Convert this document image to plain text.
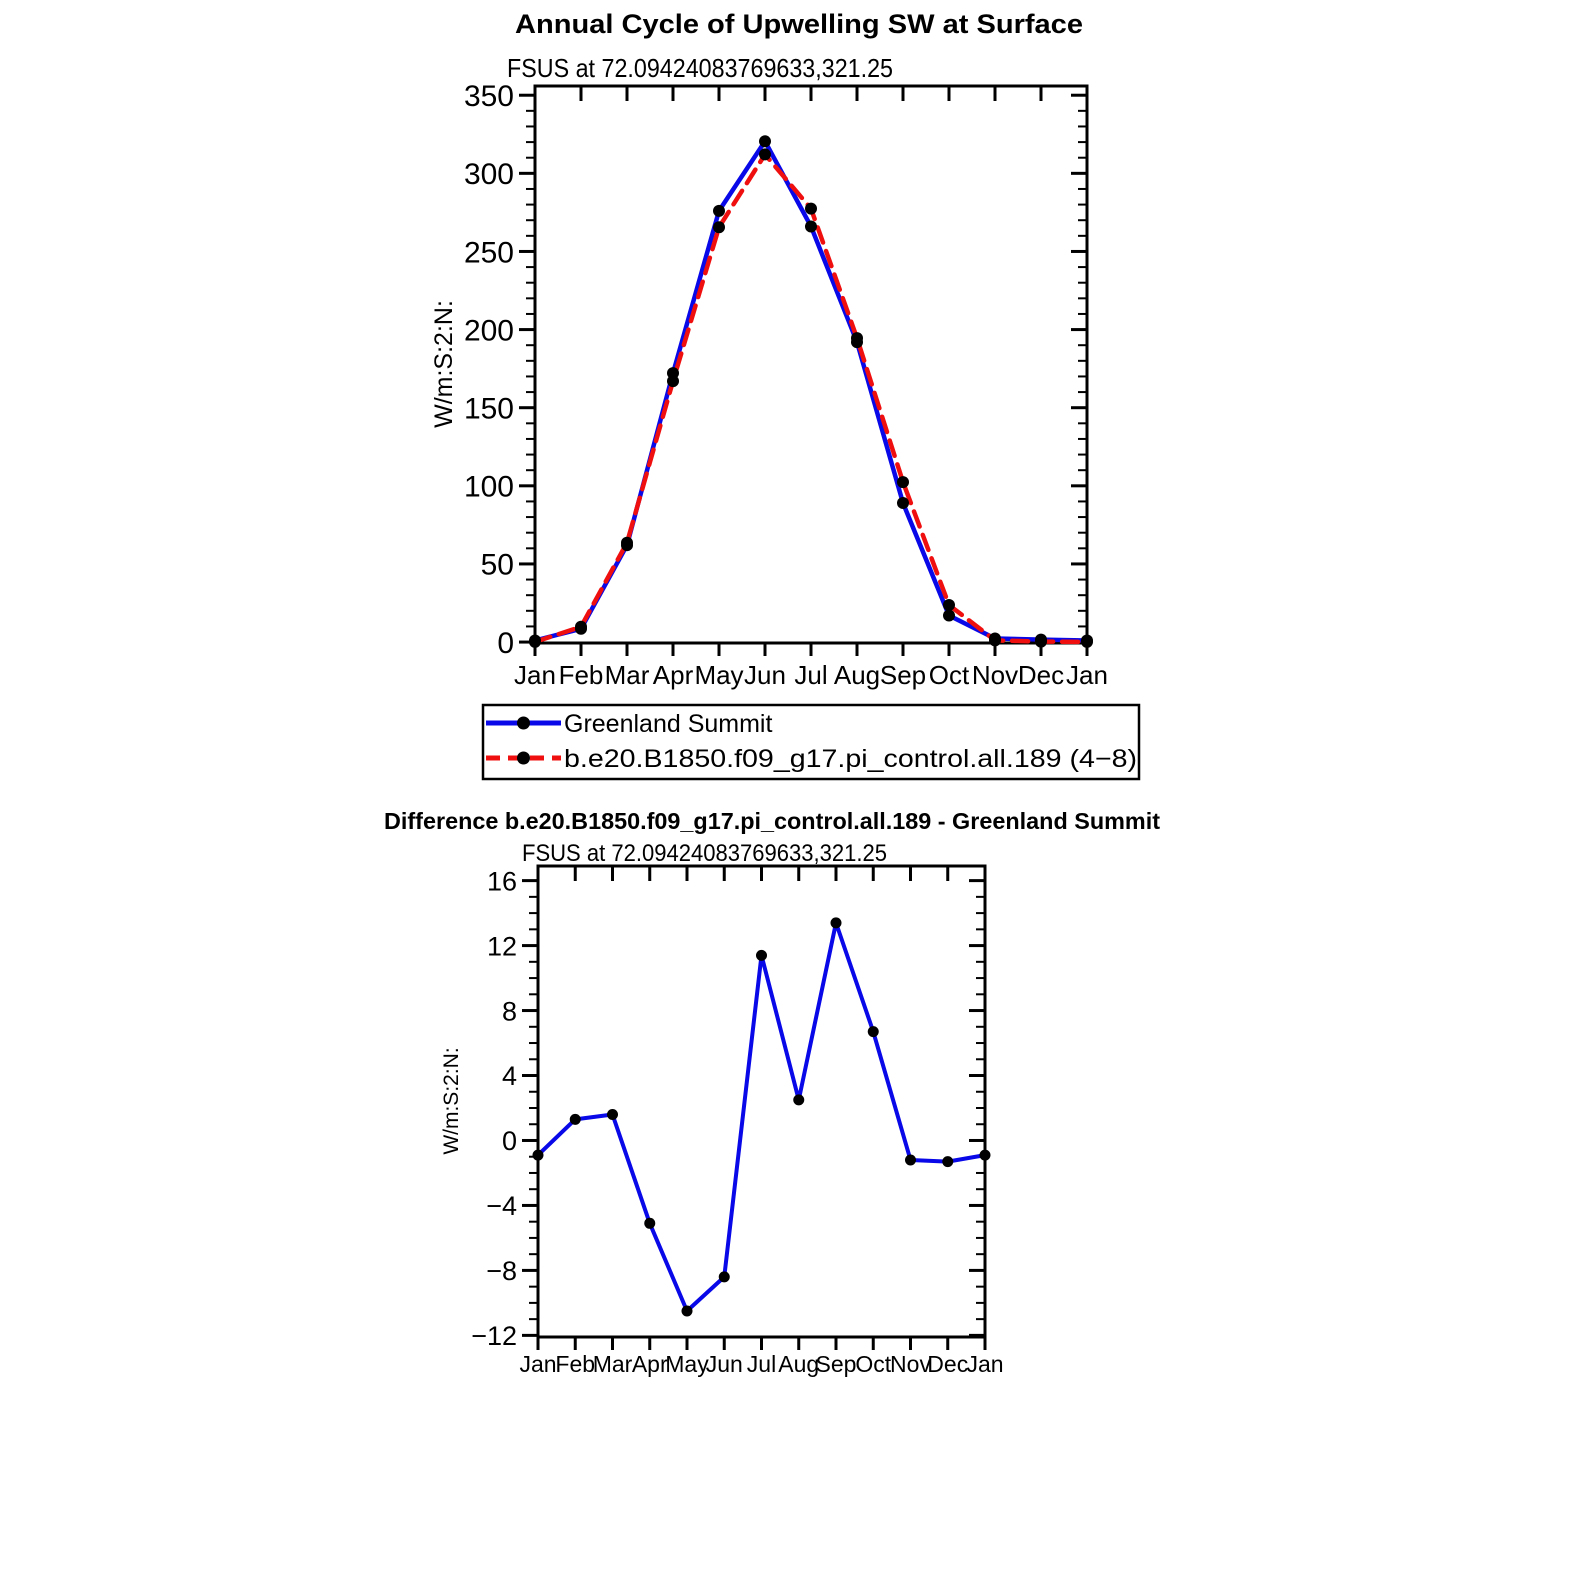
Annual Cycle of Upwelling SW at Surface
FSUS at 72.09424083769633,321.25
W/m:S:2:N:
Jan Feb Mar Apr May Jun Jul Aug Sep Oct Nov Dec Jan
0
50
100
150
200
250
300
350
Greenland Summit
b.e20.B1850.f09_g17.pi_control.all.189 (4−8)
Difference b.e20.B1850.f09_g17.pi_control.all.189 - Greenland Summit
FSUS at 72.09424083769633,321.25
W/m:S:2:N:
Jan
Feb
Mar Apr
May
Jun Jul Aug
Sep
Oct
Nov
Dec
Jan
−12
−8
−4
0
4
8
12
16
